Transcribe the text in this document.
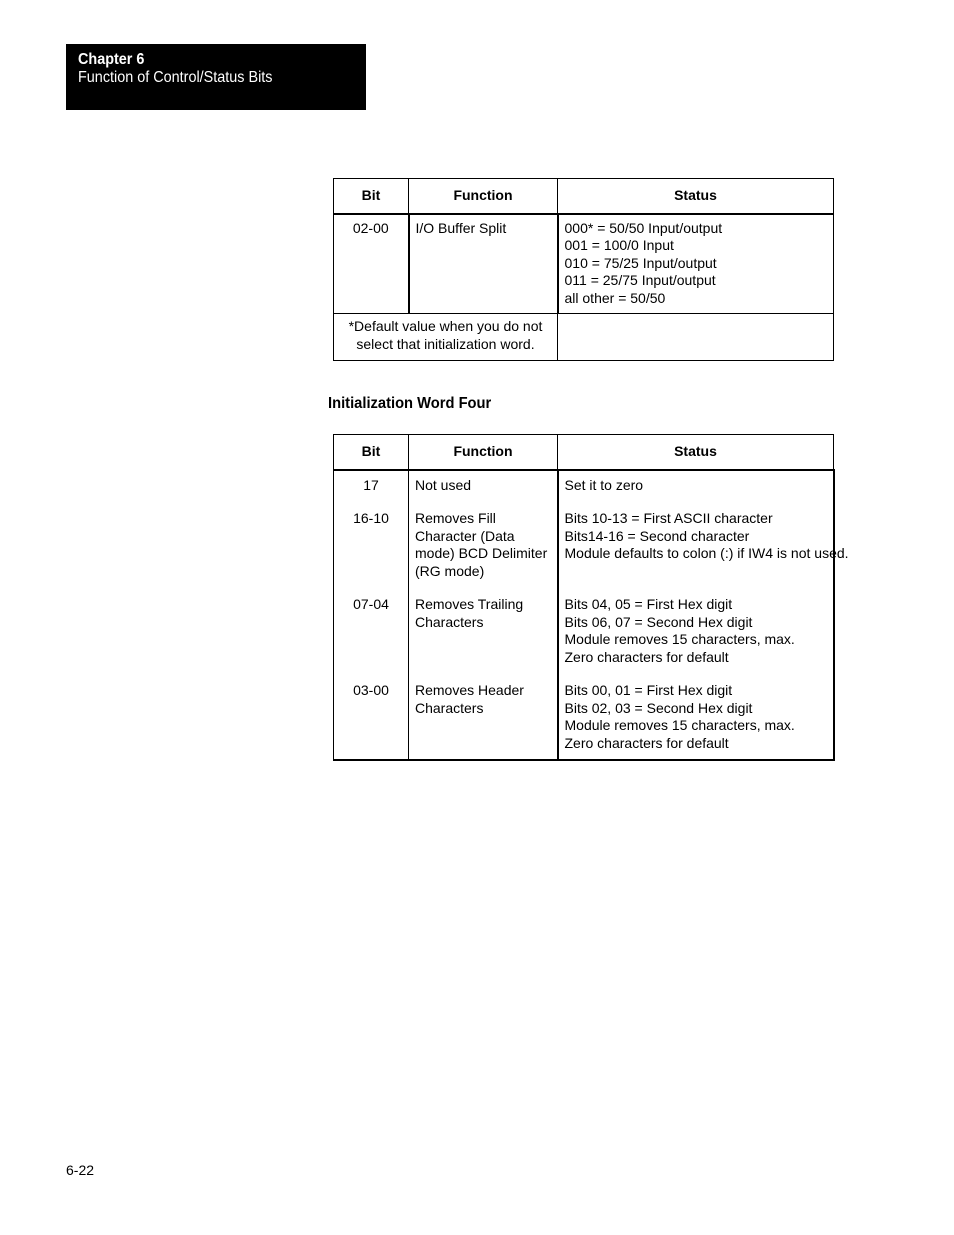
Chapter 6
Function of Control/Status Bits
Bit	Function	Status
02-00	I/O Buffer Split	000* = 50/50 Input/output
001 = 100/0 Input
010 = 75/25 Input/output
011 = 25/75 Input/output
all other = 50/50

*Default value when you do not select that initialization word.		
Initialization Word Four
Bit	Function	Status
17	Not used	Set it to zero

16-10	Removes Fill Character (Data mode) BCD Delimiter (RG mode)	Bits 10-13 = First ASCII character
Bits14-16 = Second character
Module defaults to colon (:) if IW4 is not used.

07-04	Removes Trailing Characters	Bits 04, 05 = First Hex digit
Bits 06, 07 = Second Hex digit
Module removes 15 characters, max.
Zero characters for default

03-00	Removes Header Characters	Bits 00, 01 = First Hex digit
Bits 02, 03 = Second Hex digit
Module removes 15 characters, max.
Zero characters for default
6-22
